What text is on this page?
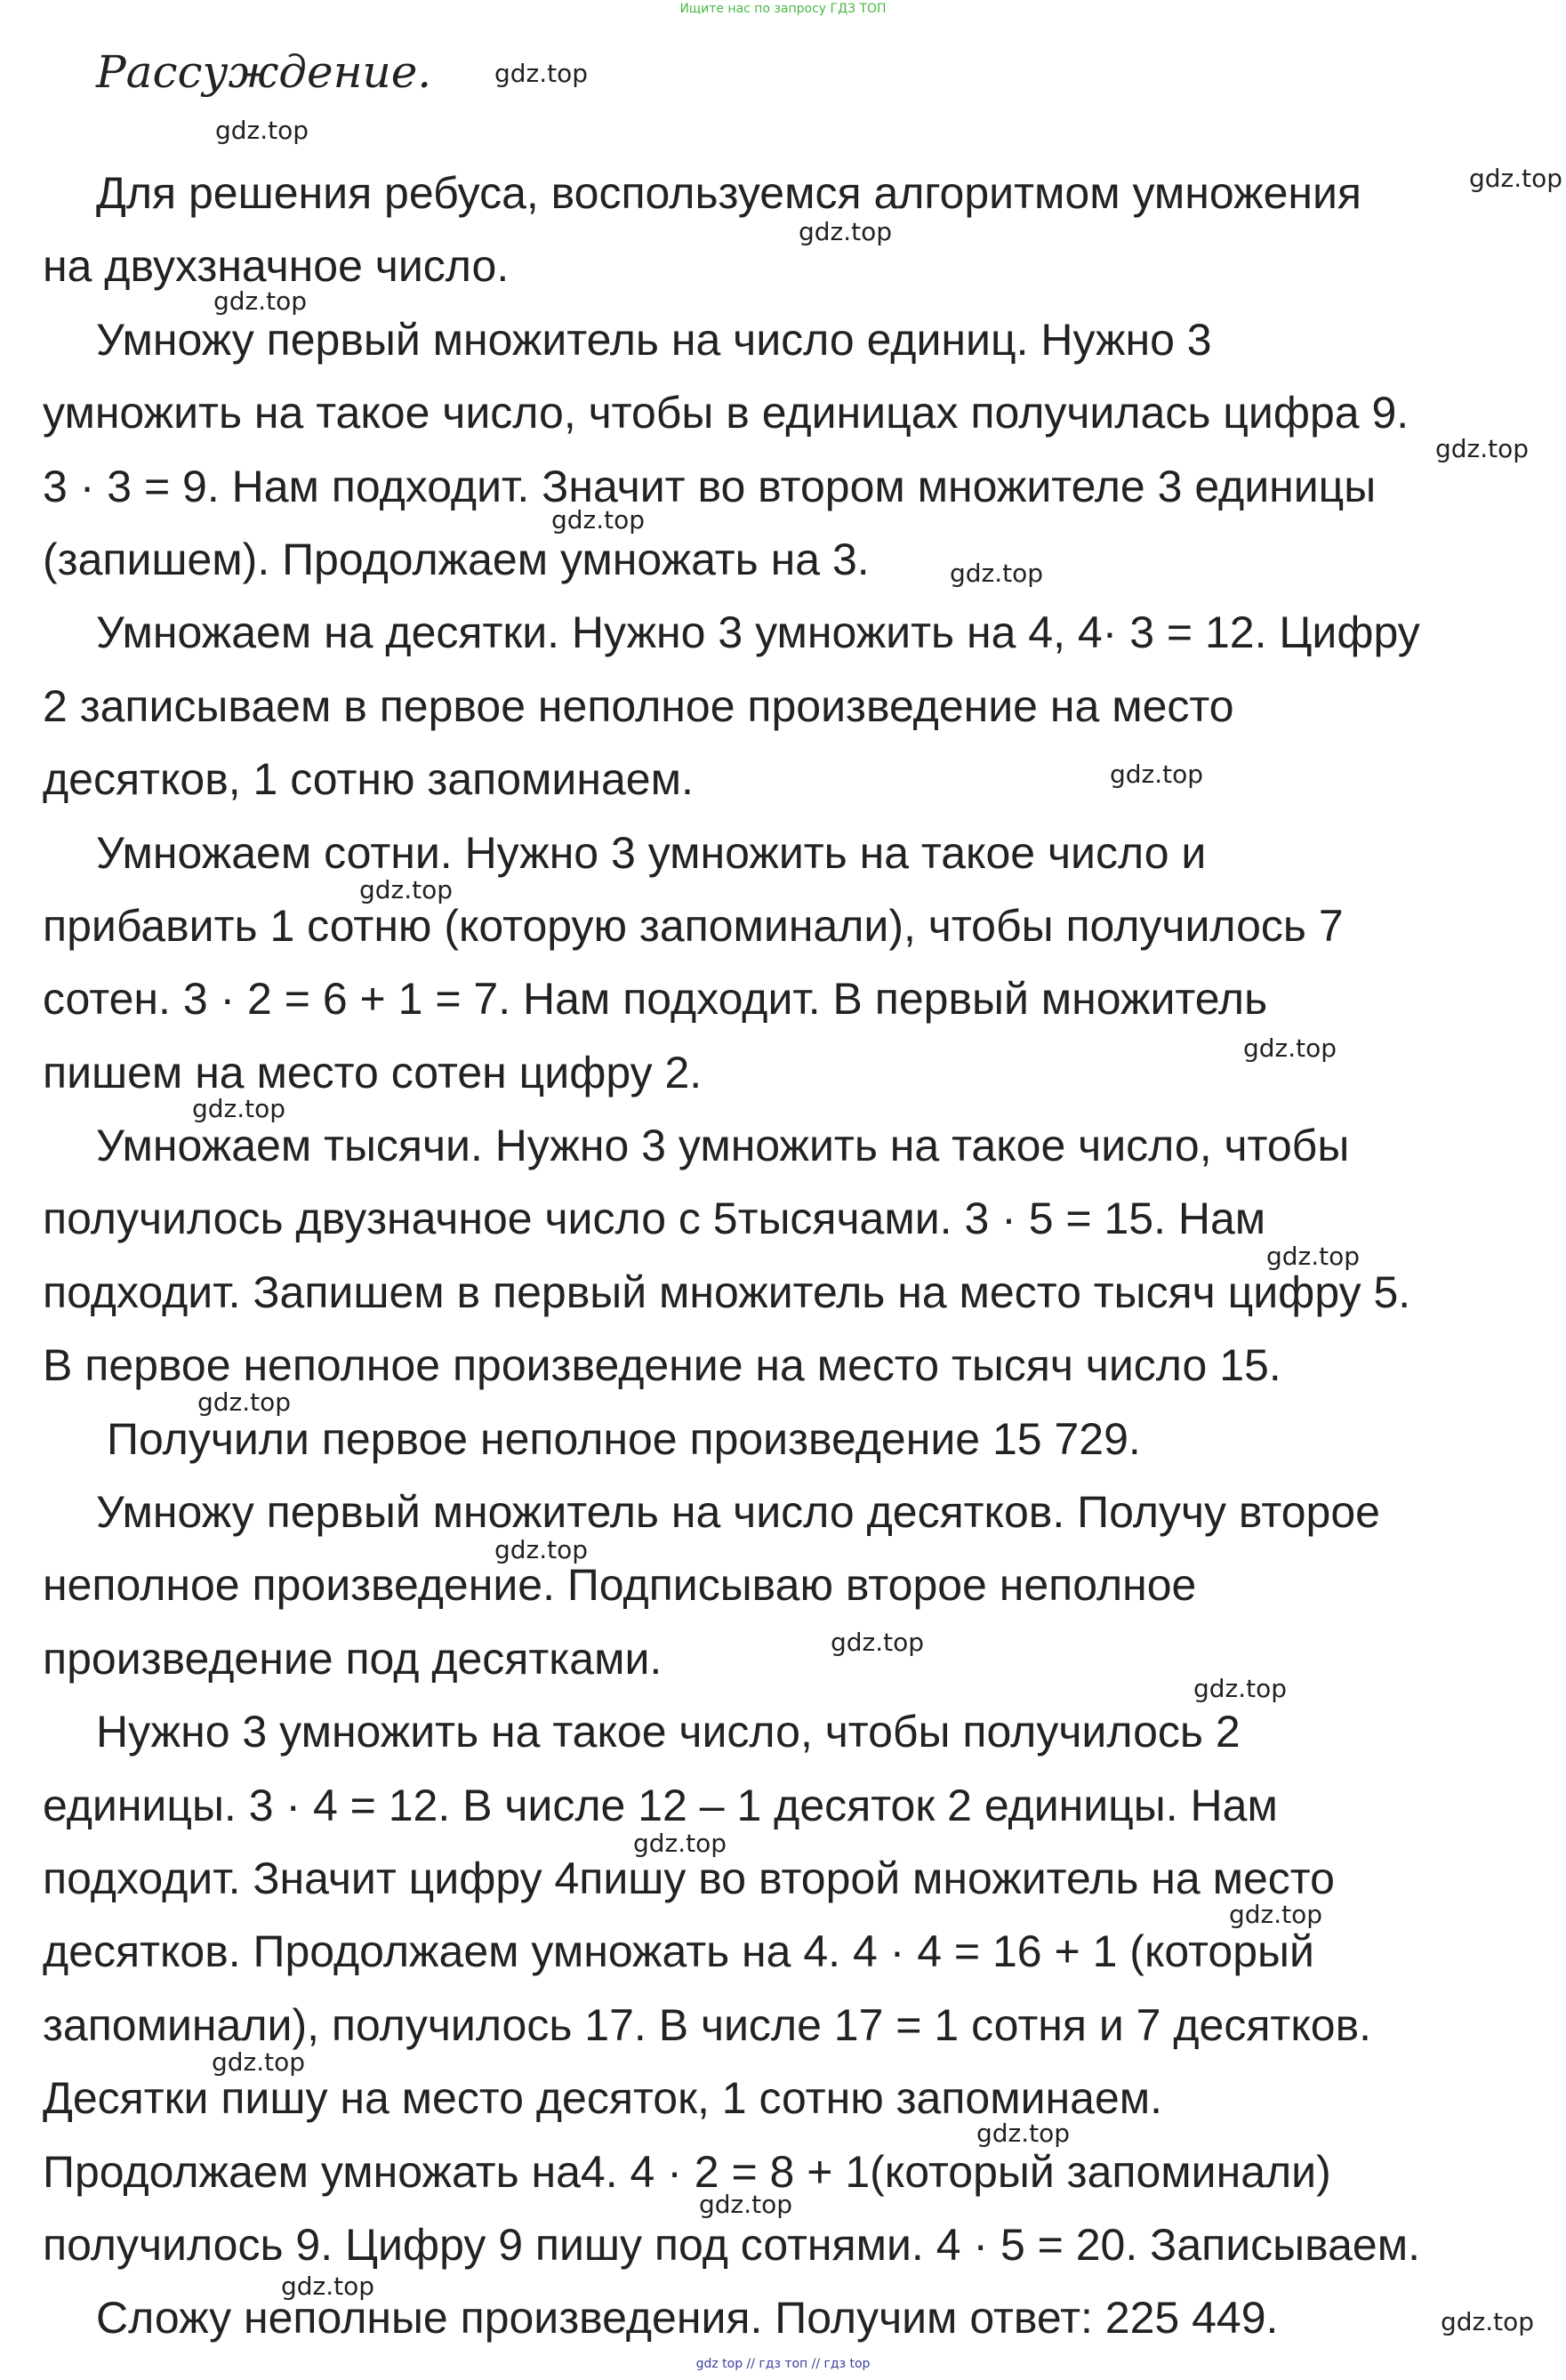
Ищите нас по запросу ГДЗ ТОП
Рассуждение.
Для решения ребуса, воспользуемся алгоритмом умножения
на двухзначное число.
Умножу первый множитель на число единиц. Нужно 3
умножить на такое число, чтобы в единицах получилась цифра 9.
3 · 3 = 9. Нам подходит. Значит во втором множителе 3 единицы
(запишем). Продолжаем умножать на 3.
Умножаем на десятки. Нужно 3 умножить на 4, 4· 3 = 12. Цифру
2 записываем в первое неполное произведение на место
десятков, 1 сотню запоминаем.
Умножаем сотни. Нужно 3 умножить на такое число и
прибавить 1 сотню (которую запоминали), чтобы получилось 7
сотен. 3 · 2 = 6 + 1 = 7. Нам подходит. В первый множитель
пишем на место сотен цифру 2.
Умножаем тысячи. Нужно 3 умножить на такое число, чтобы
получилось двузначное число с 5тысячами. 3 · 5 = 15. Нам
подходит. Запишем в первый множитель на место тысяч цифру 5.
В первое неполное произведение на место тысяч число 15.
Получили первое неполное произведение 15 729.
Умножу первый множитель на число десятков. Получу второе
неполное произведение. Подписываю второе неполное
произведение под десятками.
Нужно 3 умножить на такое число, чтобы получилось 2
единицы. 3 · 4 = 12. В числе 12 – 1 десяток 2 единицы. Нам
подходит. Значит цифру 4пишу во второй множитель на место
десятков. Продолжаем умножать на 4. 4 · 4 = 16 + 1 (который
запоминали), получилось 17. В числе 17 = 1 сотня и 7 десятков.
Десятки пишу на место десяток, 1 сотню запоминаем.
Продолжаем умножать на4. 4 · 2 = 8 + 1(который запоминали)
получилось 9. Цифру 9 пишу под сотнями. 4 · 5 = 20. Записываем.
Сложу неполные произведения. Получим ответ: 225 449.
gdz.top
gdz.top
gdz.top
gdz.top
gdz.top
gdz.top
gdz.top
gdz.top
gdz.top
gdz.top
gdz.top
gdz.top
gdz.top
gdz.top
gdz.top
gdz.top
gdz.top
gdz.top
gdz.top
gdz.top
gdz.top
gdz.top
gdz.top
gdz.top
gdz top // гдз топ // гдз top
